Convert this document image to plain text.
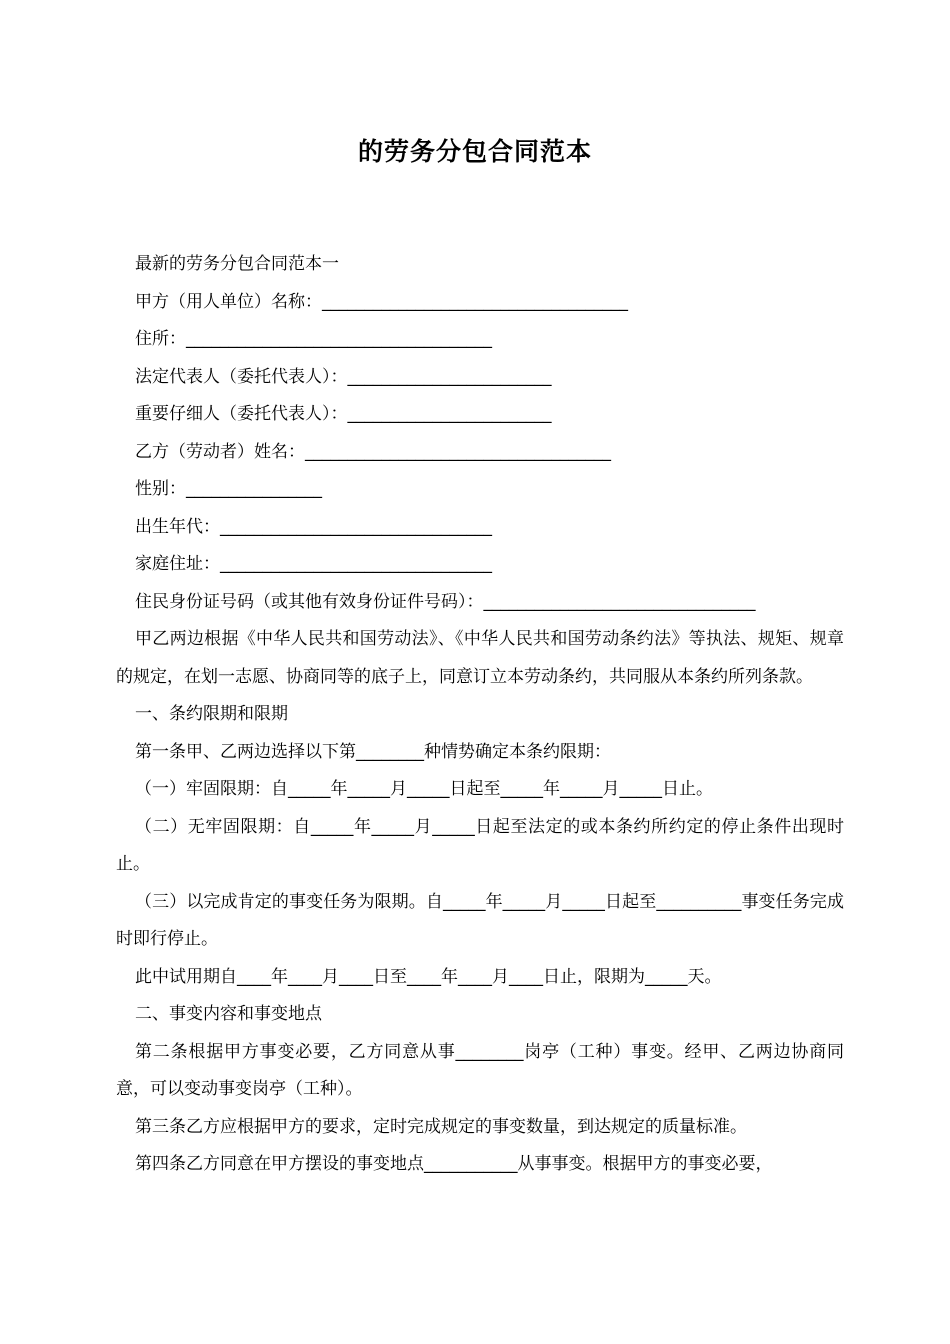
的劳务分包合同范本
最新的劳务分包合同范本一
甲方（用人单位）名称：____________________________________
住所：____________________________________
法定代表人（委托代表人）：________________________
重要仔细人（委托代表人）：________________________
乙方（劳动者）姓名：____________________________________
性别：________________
出生年代：________________________________
家庭住址：________________________________
住民身份证号码（或其他有效身份证件号码）：________________________________
甲乙两边根据《中华人民共和国劳动法》、《中华人民共和国劳动条约法》等执法、规矩、规章的规定，在划一志愿、协商同等的底子上，同意订立本劳动条约，共同服从本条约所列条款。
一、条约限期和限期
第一条甲、乙两边选择以下第________种情势确定本条约限期：
（一）牢固限期：自_____年_____月_____日起至_____年_____月_____日止。
（二）无牢固限期：自_____年_____月_____日起至法定的或本条约所约定的停止条件出现时止。
（三）以完成肯定的事变任务为限期。自_____年_____月_____日起至__________事变任务完成时即行停止。
此中试用期自____年____月____日至____年____月____日止，限期为_____天。
二、事变内容和事变地点
第二条根据甲方事变必要，乙方同意从事________岗亭（工种）事变。经甲、乙两边协商同意，可以变动事变岗亭（工种）。
第三条乙方应根据甲方的要求，定时完成规定的事变数量，到达规定的质量标准。
第四条乙方同意在甲方摆设的事变地点___________从事事变。根据甲方的事变必要，
